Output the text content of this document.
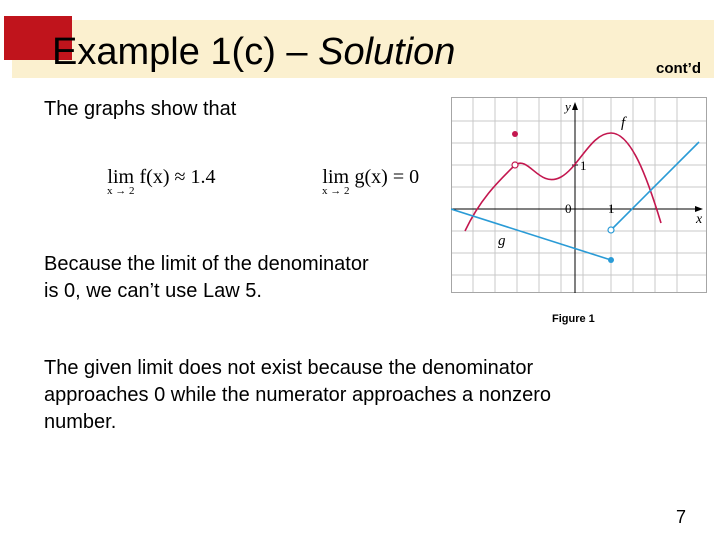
Example 1(c) – Solution	cont’d
The graphs show that
lim
x → 2
f(x) ≈ 1.4	lim
x → 2
g(x) = 0
Because the limit of the denominator
is 0, we can’t use Law 5.
y
x
f
g
0	1
1
Figure 1
The given limit does not exist because the denominator
approaches 0 while the numerator approaches a nonzero
number.
7
